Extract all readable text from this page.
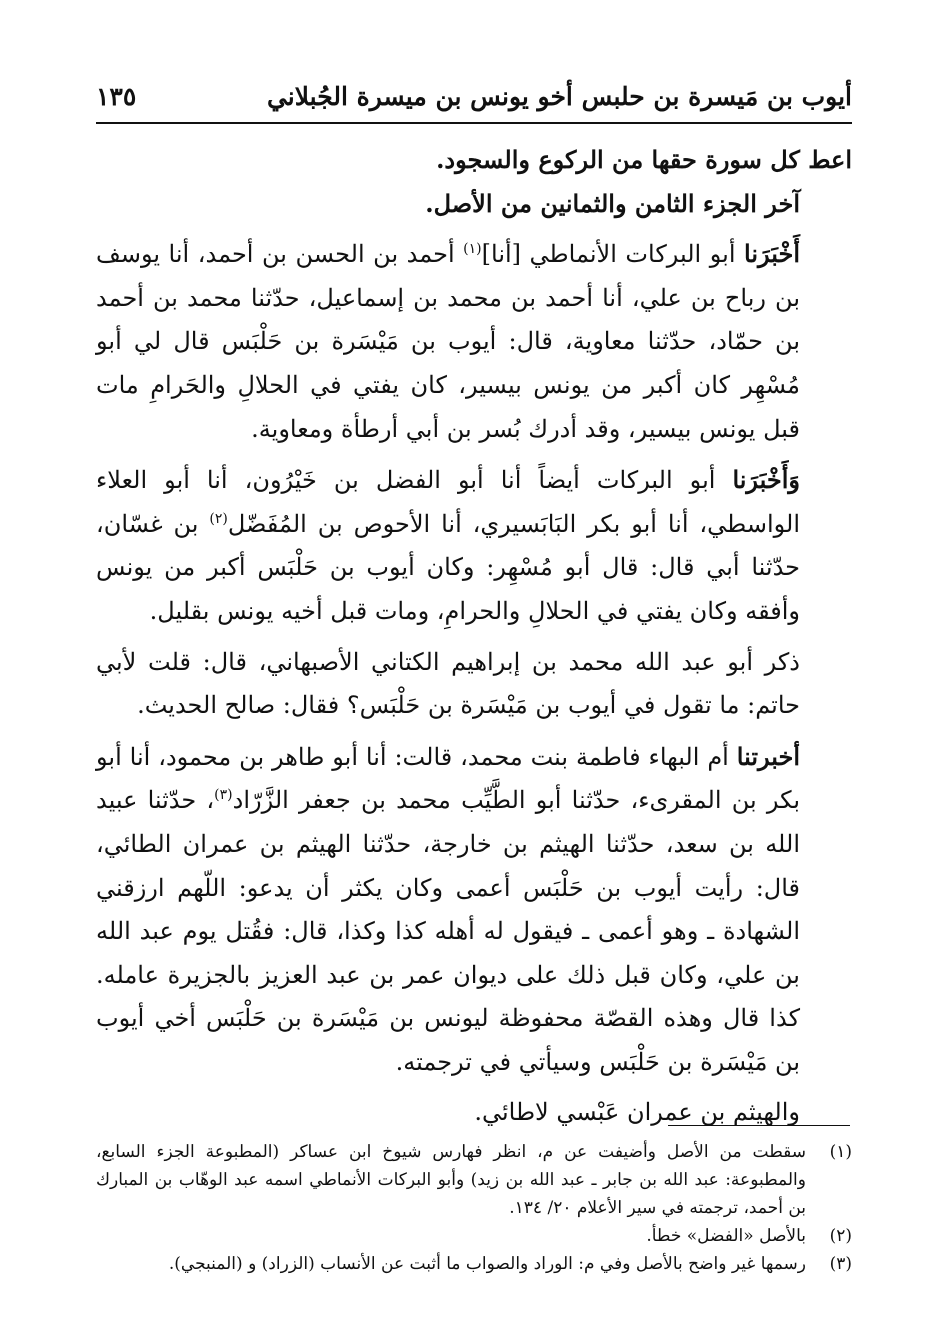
أيوب بن مَيسرة بن حلبس أخو يونس بن ميسرة الجُبلاني
١٣٥

اعط كل سورة حقها من الركوع والسجود.

آخر الجزء الثامن والثمانين من الأصل.

أَخْبَرَنا أبو البركات الأنماطي [أنا]$^{(١)}$ أحمد بن الحسن بن أحمد، أنا يوسف بن رباح بن علي، أنا أحمد بن محمد بن إسماعيل، حدّثنا محمد بن أحمد بن حمّاد، حدّثنا معاوية، قال: أيوب بن مَيْسَرة بن حَلْبَس قال لي أبو مُسْهِر كان أكبر من يونس بيسير، كان يفتي في الحلالِ والحَرامِ مات قبل يونس بيسير، وقد أدرك بُسر بن أبي أرطأة ومعاوية.

وَأَخْبَرَنا أبو البركات أيضاً أنا أبو الفضل بن خَيْرُون، أنا أبو العلاء الواسطي، أنا أبو بكر البَابَسيري، أنا الأحوص بن المُفَضّل$^{(٢)}$ بن غسّان، حدّثنا أبي قال: قال أبو مُسْهِر: وكان أيوب بن حَلْبَس أكبر من يونس وأفقه وكان يفتي في الحلالِ والحرامِ، ومات قبل أخيه يونس بقليل.

ذكر أبو عبد الله محمد بن إبراهيم الكتاني الأصبهاني، قال: قلت لأبي حاتم: ما تقول في أيوب بن مَيْسَرة بن حَلْبَس؟ فقال: صالح الحديث.

أخبرتنا أم البهاء فاطمة بنت محمد، قالت: أنا أبو طاهر بن محمود، أنا أبو بكر بن المقرىء، حدّثنا أبو الطَّيِّب محمد بن جعفر الزَّرّاد$^{(٣)}$، حدّثنا عبيد الله بن سعد، حدّثنا الهيثم بن خارجة، حدّثنا الهيثم بن عمران الطائي، قال: رأيت أيوب بن حَلْبَس أعمى وكان يكثر أن يدعو: اللّهم ارزقني الشهادة ـ وهو أعمى ـ فيقول له أهله كذا وكذا، قال: فقُتل يوم عبد الله بن علي، وكان قبل ذلك على ديوان عمر بن عبد العزيز بالجزيرة عامله. كذا قال وهذه القصّة محفوظة ليونس بن مَيْسَرة بن حَلْبَس أخي أيوب بن مَيْسَرة بن حَلْبَس وسيأتي في ترجمته.

والهيثم بن عمران عَبْسي لاطائي.

(١)
سقطت من الأصل وأضيفت عن م، انظر فهارس شيوخ ابن عساكر (المطبوعة الجزء السابع، والمطبوعة: عبد الله بن جابر ـ عبد الله بن زيد) وأبو البركات الأنماطي اسمه عبد الوهّاب بن المبارك بن أحمد، ترجمته في سير الأعلام ٢٠/ ١٣٤.
(٢)
بالأصل «الفضل» خطأ.
(٣)
رسمها غير واضح بالأصل وفي م: الوراد والصواب ما أثبت عن الأنساب (الزراد) و (المنبجي).
